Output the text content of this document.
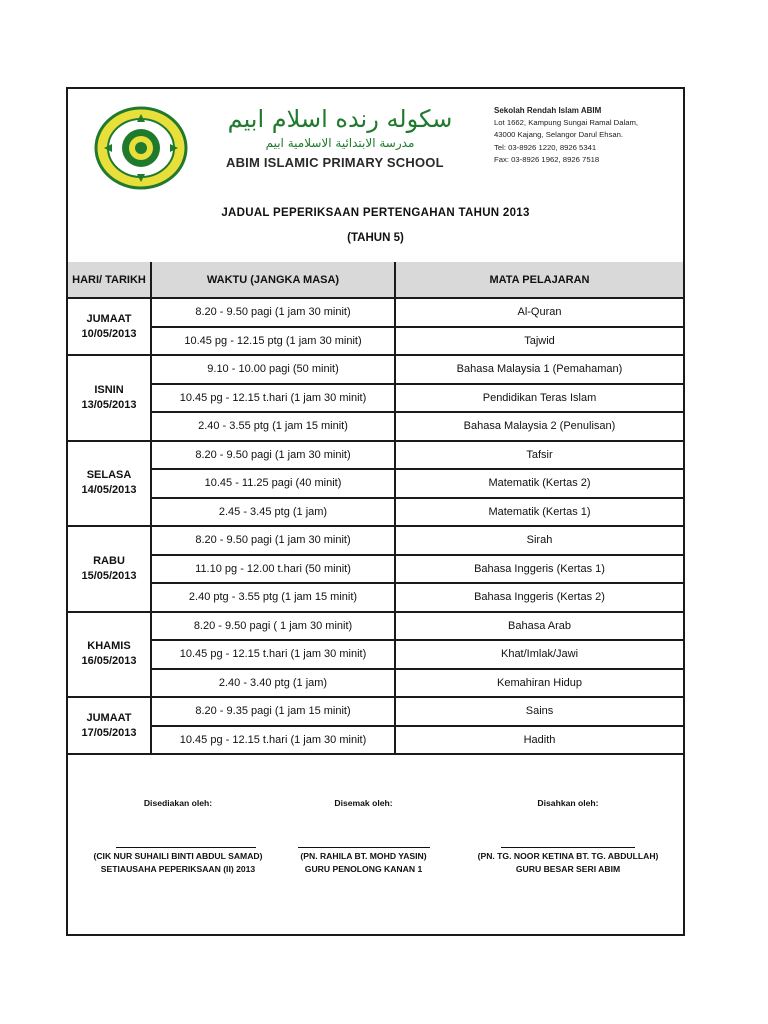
سكوله رندە اسلام ابيم
مدرسة الابتدائية الاسلامية ابيم
ABIM ISLAMIC PRIMARY SCHOOL
Sekolah Rendah Islam ABIM
Lot 1662, Kampung Sungai Ramal Dalam,
43000 Kajang, Selangor Darul Ehsan.
Tel: 03-8926 1220, 8926 5341
Fax: 03-8926 1962, 8926 7518
JADUAL PEPERIKSAAN PERTENGAHAN TAHUN 2013
(TAHUN 5)
HARI/ TARIKH	WAKTU (JANGKA MASA)	MATA PELAJARAN

JUMAAT
10/05/2013	8.20 - 9.50 pagi (1 jam 30 minit)	Al-Quran
	10.45 pg - 12.15 ptg (1 jam 30 minit)	Tajwid

ISNIN
13/05/2013	9.10 - 10.00 pagi (50 minit)	Bahasa Malaysia 1 (Pemahaman)
	10.45 pg - 12.15 t.hari (1 jam 30 minit)	Pendidikan Teras Islam
	2.40 - 3.55 ptg (1 jam 15 minit)	Bahasa Malaysia 2 (Penulisan)

SELASA
14/05/2013	8.20 - 9.50 pagi (1 jam 30 minit)	Tafsir
	10.45 - 11.25 pagi (40 minit)	Matematik (Kertas 2)
	2.45 - 3.45 ptg (1 jam)	Matematik (Kertas 1)

RABU
15/05/2013	8.20 - 9.50 pagi (1 jam 30 minit)	Sirah
	11.10 pg - 12.00 t.hari (50 minit)	Bahasa Inggeris (Kertas 1)
	2.40 ptg - 3.55 ptg (1 jam 15 minit)	Bahasa Inggeris (Kertas 2)

KHAMIS
16/05/2013	8.20 - 9.50 pagi ( 1 jam 30 minit)	Bahasa Arab
	10.45 pg - 12.15 t.hari (1 jam 30 minit)	Khat/Imlak/Jawi
	2.40 - 3.40 ptg (1 jam)	Kemahiran Hidup

JUMAAT
17/05/2013	8.20 - 9.35 pagi (1 jam 15 minit)	Sains
	10.45 pg - 12.15 t.hari (1 jam 30 minit)	Hadith
Disediakan oleh:
(CIK NUR SUHAILI BINTI ABDUL SAMAD)
SETIAUSAHA PEPERIKSAAN (II) 2013
Disemak oleh:
(PN. RAHILA BT. MOHD YASIN)
GURU PENOLONG KANAN 1
Disahkan oleh:
(PN. TG. NOOR KETINA BT. TG. ABDULLAH)
GURU BESAR SERI ABIM
